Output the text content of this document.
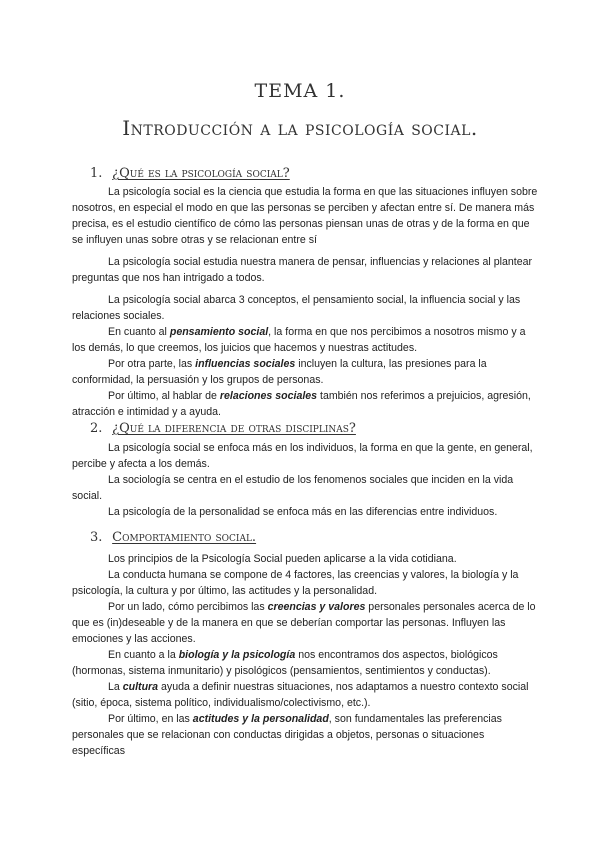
TEMA 1.
Introducción a la psicología social.
1. ¿Qué es la psicología social?

La psicología social es la ciencia que estudia la forma en que las situaciones influyen sobre nosotros, en especial el modo en que las personas se perciben y afectan entre sí. De manera más precisa, es el estudio científico de cómo las personas piensan unas de otras y de la forma en que se influyen unas sobre otras y se relacionan entre sí

La psicología social estudia nuestra manera de pensar, influencias y relaciones al plantear preguntas que nos han intrigado a todos.

La psicología social abarca 3 conceptos, el pensamiento social, la influencia social y las relaciones sociales.

En cuanto al pensamiento social, la forma en que nos percibimos a nosotros mismo y a los demás, lo que creemos, los juicios que hacemos y nuestras actitudes.

Por otra parte, las influencias sociales incluyen la cultura, las presiones para la conformidad, la persuasión y los grupos de personas.

Por último, al hablar de relaciones sociales también nos referimos a prejuicios, agresión, atracción e intimidad y a ayuda.

2. ¿Qué la diferencia de otras disciplinas?

La psicología social se enfoca más en los individuos, la forma en que la gente, en general, percibe y afecta a los demás.

La sociología se centra en el estudio de los fenomenos sociales que inciden en la vida social.

La psicología de la personalidad se enfoca más en las diferencias entre individuos.

3. Comportamiento social.

Los principios de la Psicología Social pueden aplicarse a la vida cotidiana.

La conducta humana se compone de 4 factores, las creencias y valores, la biología y la psicología, la cultura y por último, las actitudes y la personalidad.

Por un lado, cómo percibimos las creencias y valores personales personales acerca de lo que es (in)deseable y de la manera en que se deberían comportar las personas. Influyen las emociones y las acciones.

En cuanto a la biología y la psicología nos encontramos dos aspectos, biológicos (hormonas, sistema inmunitario) y pisológicos (pensamientos, sentimientos y conductas).

La cultura ayuda a definir nuestras situaciones, nos adaptamos a nuestro contexto social (sitio, época, sistema político, individualismo/colectivismo, etc.).

Por último, en las actitudes y la personalidad, son fundamentales las preferencias personales que se relacionan con conductas dirigidas a objetos, personas o situaciones específicas
